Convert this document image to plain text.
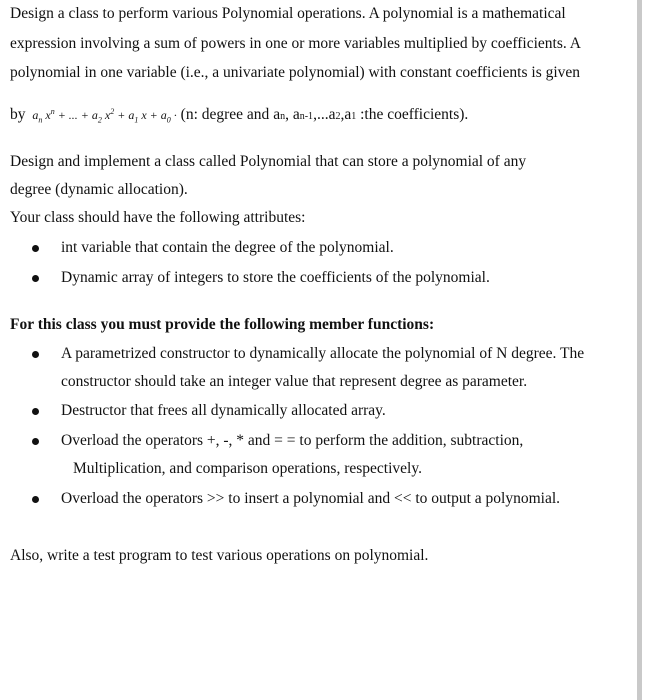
Design a class to perform various Polynomial operations. A polynomial is a mathematical
expression involving a sum of powers in one or more variables multiplied by coefficients. A
polynomial in one variable (i.e., a univariate polynomial) with constant coefficients is given
by  $a_n$ $x^n$ + ... + $a_2$ $x^2 + a_1$ $x + a_0 \cdot (n$: degree and an, an-1,...a2,a1 :the coefficients).
Design and implement a class called Polynomial that can store a polynomial of any
degree (dynamic allocation).
Your class should have the following attributes:
int variable that contain the degree of the polynomial.
Dynamic array of integers to store the coefficients of the polynomial.
For this class you must provide the following member functions:
A parametrized constructor to dynamically allocate the polynomial of N degree. The
constructor should take an integer value that represent degree as parameter.
Destructor that frees all dynamically allocated array.
Overload the operators +, -, * and = = to perform the addition, subtraction,
Multiplication, and comparison operations, respectively.
Overload the operators >> to insert a polynomial and << to output a polynomial.
Also, write a test program to test various operations on polynomial.
